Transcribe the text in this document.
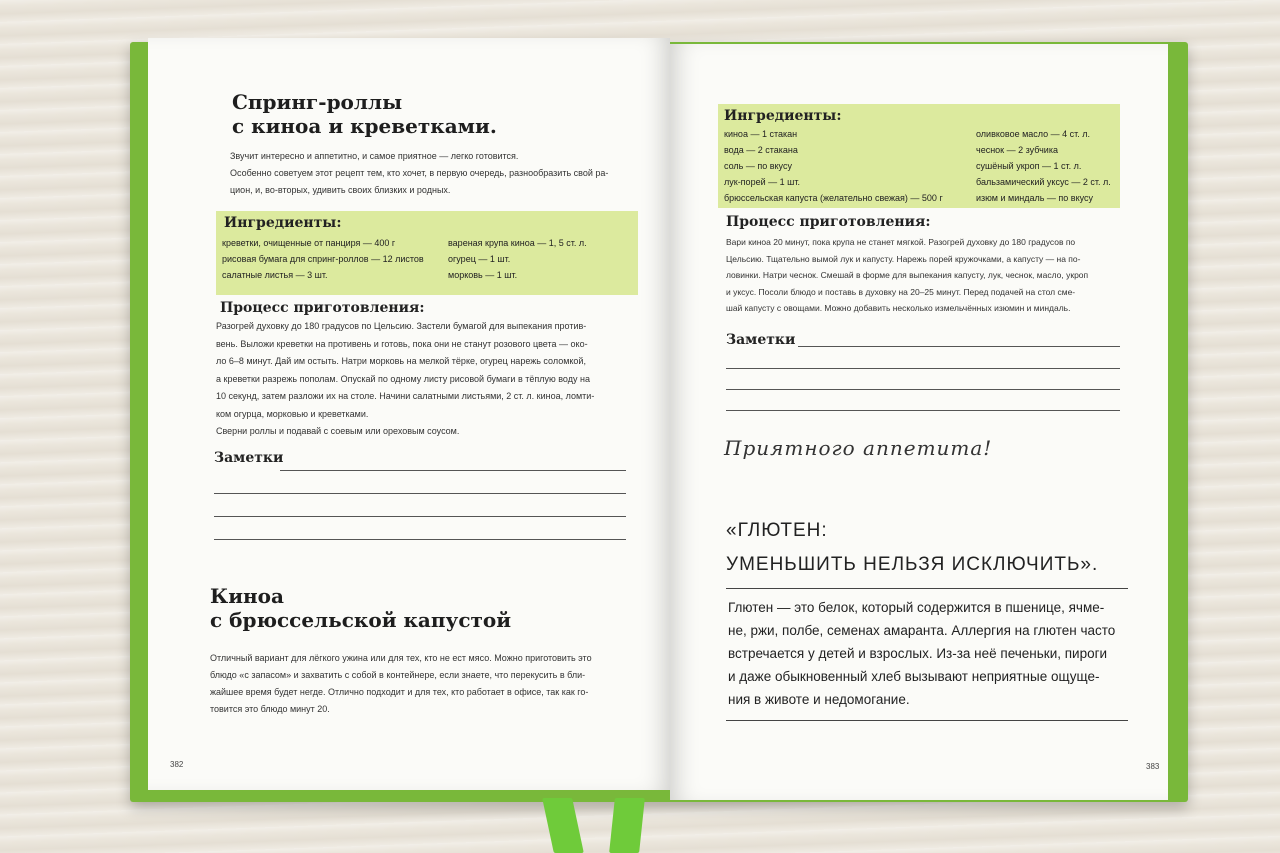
Спринг-роллы
с киноа и креветками.
Звучит интересно и аппетитно, и самое приятное — легко готовится.
Особенно советуем этот рецепт тем, кто хочет, в первую очередь, разнообразить свой ра-
цион, и, во-вторых, удивить своих близких и родных.
Ингредиенты:
креветки, очищенные от панциря — 400 г
рисовая бумага для спринг-роллов — 12 листов
салатные листья — 3 шт.
вареная крупа киноа — 1, 5 ст. л.
огурец — 1 шт.
морковь — 1 шт.
Процесс приготовления:
Разогрей духовку до 180 градусов по Цельсию. Застели бумагой для выпекания против-
вень. Выложи креветки на противень и готовь, пока они не станут розового цвета — око-
ло 6–8 минут. Дай им остыть. Натри морковь на мелкой тёрке, огурец нарежь соломкой,
а креветки разрежь пополам. Опускай по одному листу рисовой бумаги в тёплую воду на
10 секунд, затем разложи их на столе. Начини салатными листьями, 2 ст. л. киноа, ломти-
ком огурца, морковью и креветками.
Сверни роллы и подавай с соевым или ореховым соусом.
Заметки
Киноа
с брюссельской капустой
Отличный вариант для лёгкого ужина или для тех, кто не ест мясо. Можно приготовить это
блюдо «с запасом» и захватить с собой в контейнере, если знаете, что перекусить в бли-
жайшее время будет негде. Отлично подходит и для тех, кто работает в офисе, так как го-
товится это блюдо минут 20.
382
Ингредиенты:
киноа — 1 стакан
вода — 2 стакана
соль — по вкусу
лук-порей — 1 шт.
брюссельская капуста (желательно свежая) — 500 г
оливковое масло — 4 ст. л.
чеснок — 2 зубчика
сушёный укроп — 1 ст. л.
бальзамический уксус — 2 ст. л.
изюм и миндаль — по вкусу
Процесс приготовления:
Вари киноа 20 минут, пока крупа не станет мягкой. Разогрей духовку до 180 градусов по
Цельсию. Тщательно вымой лук и капусту. Нарежь порей кружочками, а капусту — на по-
ловинки. Натри чеснок. Смешай в форме для выпекания капусту, лук, чеснок, масло, укроп
и уксус. Посоли блюдо и поставь в духовку на 20–25 минут. Перед подачей на стол сме-
шай капусту с овощами. Можно добавить несколько измельчённых изюмин и миндаль.
Заметки
Приятного аппетита!
«ГЛЮТЕН:
УМЕНЬШИТЬ НЕЛЬЗЯ ИСКЛЮЧИТЬ».
Глютен — это белок, который содержится в пшенице, ячме-
не, ржи, полбе, семенах амаранта. Аллергия на глютен часто
встречается у детей и взрослых. Из-за неё печеньки, пироги
и даже обыкновенный хлеб вызывают неприятные ощуще-
ния в животе и недомогание.
383
